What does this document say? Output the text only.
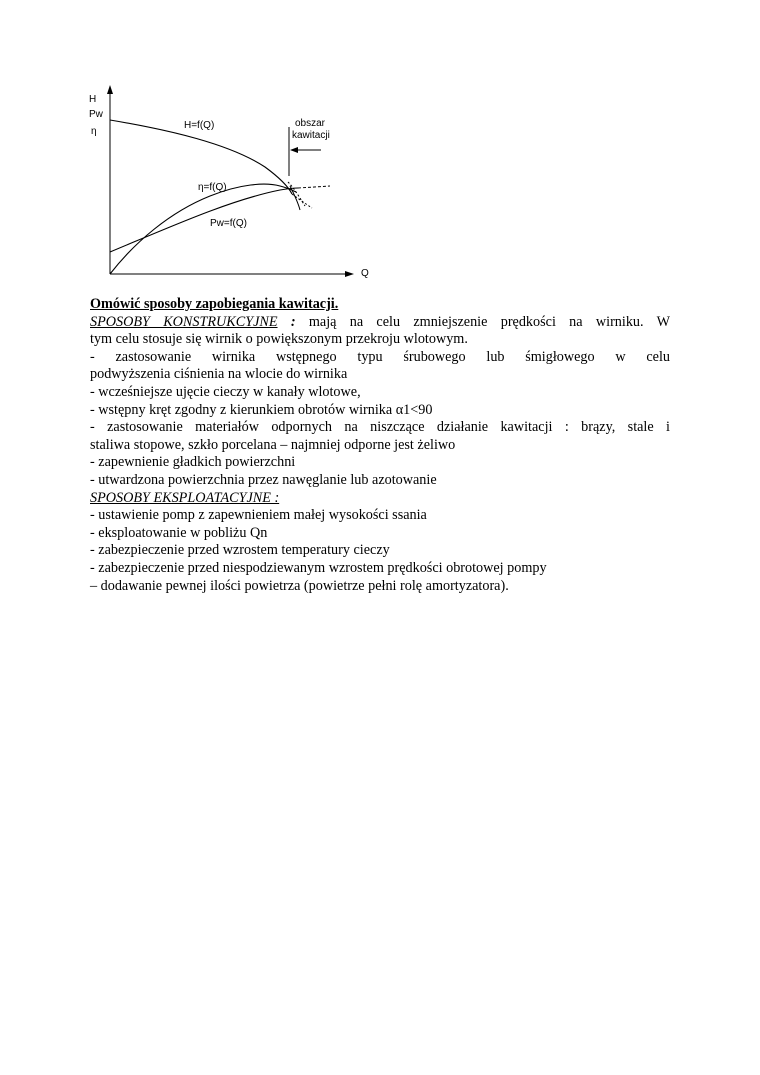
H
Pw
η
Q
H=f(Q)
η=f(Q)
Pw=f(Q)
obszar
kawitacji
Omówić sposoby zapobiegania kawitacji.
SPOSOBY KONSTRUKCYJNE : mają na celu zmniejszenie prędkości na wirniku. W
tym celu stosuje się wirnik o powiększonym przekroju wlotowym.
- zastosowanie wirnika wstępnego typu śrubowego lub śmigłowego w celu
podwyższenia ciśnienia na wlocie do wirnika
- wcześniejsze ujęcie cieczy w kanały wlotowe,
- wstępny kręt zgodny z kierunkiem obrotów wirnika α1<90
- zastosowanie materiałów odpornych na niszczące działanie kawitacji : brązy, stale i
staliwa stopowe, szkło porcelana – najmniej odporne jest żeliwo
- zapewnienie gładkich powierzchni
- utwardzona powierzchnia przez nawęglanie lub azotowanie
SPOSOBY EKSPLOATACYJNE :
- ustawienie pomp z zapewnieniem małej wysokości ssania
- eksploatowanie w pobliżu Qn
- zabezpieczenie przed wzrostem temperatury cieczy
- zabezpieczenie przed niespodziewanym wzrostem prędkości obrotowej pompy
– dodawanie pewnej ilości powietrza (powietrze pełni rolę amortyzatora).
